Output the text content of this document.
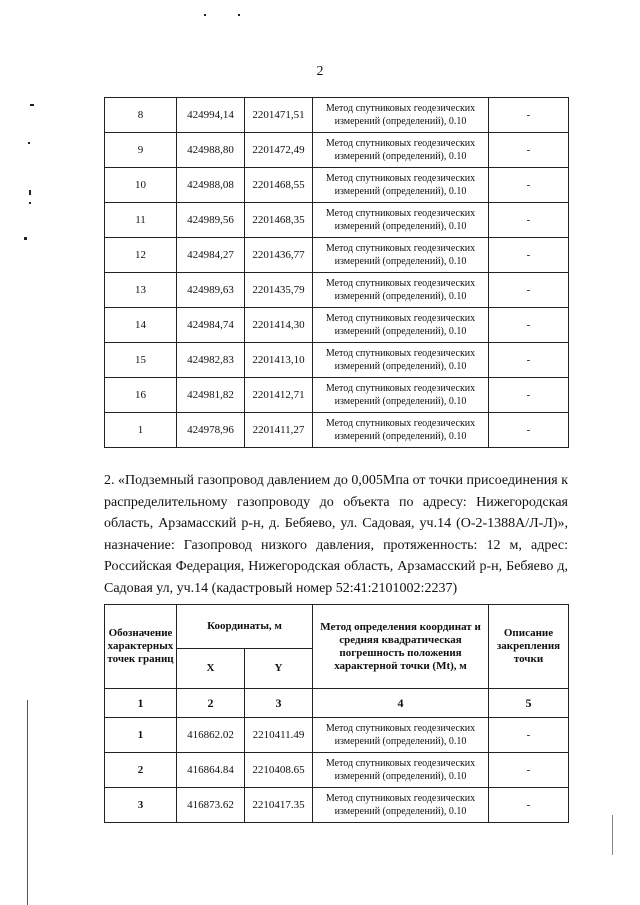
2
8	424994,14	2201471,51	Метод спутниковых геодезических измерений (определений), 0.10	-
9	424988,80	2201472,49	Метод спутниковых геодезических измерений (определений), 0.10	-
10	424988,08	2201468,55	Метод спутниковых геодезических измерений (определений), 0.10	-
11	424989,56	2201468,35	Метод спутниковых геодезических измерений (определений), 0.10	-
12	424984,27	2201436,77	Метод спутниковых геодезических измерений (определений), 0.10	-
13	424989,63	2201435,79	Метод спутниковых геодезических измерений (определений), 0.10	-
14	424984,74	2201414,30	Метод спутниковых геодезических измерений (определений), 0.10	-
15	424982,83	2201413,10	Метод спутниковых геодезических измерений (определений), 0.10	-
16	424981,82	2201412,71	Метод спутниковых геодезических измерений (определений), 0.10	-
1	424978,96	2201411,27	Метод спутниковых геодезических измерений (определений), 0.10	-
2. «Подземный газопровод давлением до 0,005Мпа от точки присоединения к распределительному газопроводу до объекта по адресу: Нижегородская область, Арзамасский р-н, д. Бебяево, ул. Садовая, уч.14 (О-2-1388А/Л-Л)», назначение: Газопровод низкого давления, протяженность: 12 м, адрес: Российская Федерация, Нижегородская область, Арзамасский р-н, Бебяево д, Садовая ул, уч.14 (кадастровый номер 52:41:2101002:2237)
Обозначение характерных точек границ	Координаты, м		Метод определения координат и средняя квадратическая погрешность положения характерной точки (Mt), м	Описание закрепления точки
	X	Y		
1	2	3	4	5
1	416862.02	2210411.49	Метод спутниковых геодезических измерений (определений), 0.10	-
2	416864.84	2210408.65	Метод спутниковых геодезических измерений (определений), 0.10	-
3	416873.62	2210417.35	Метод спутниковых геодезических измерений (определений), 0.10	-
